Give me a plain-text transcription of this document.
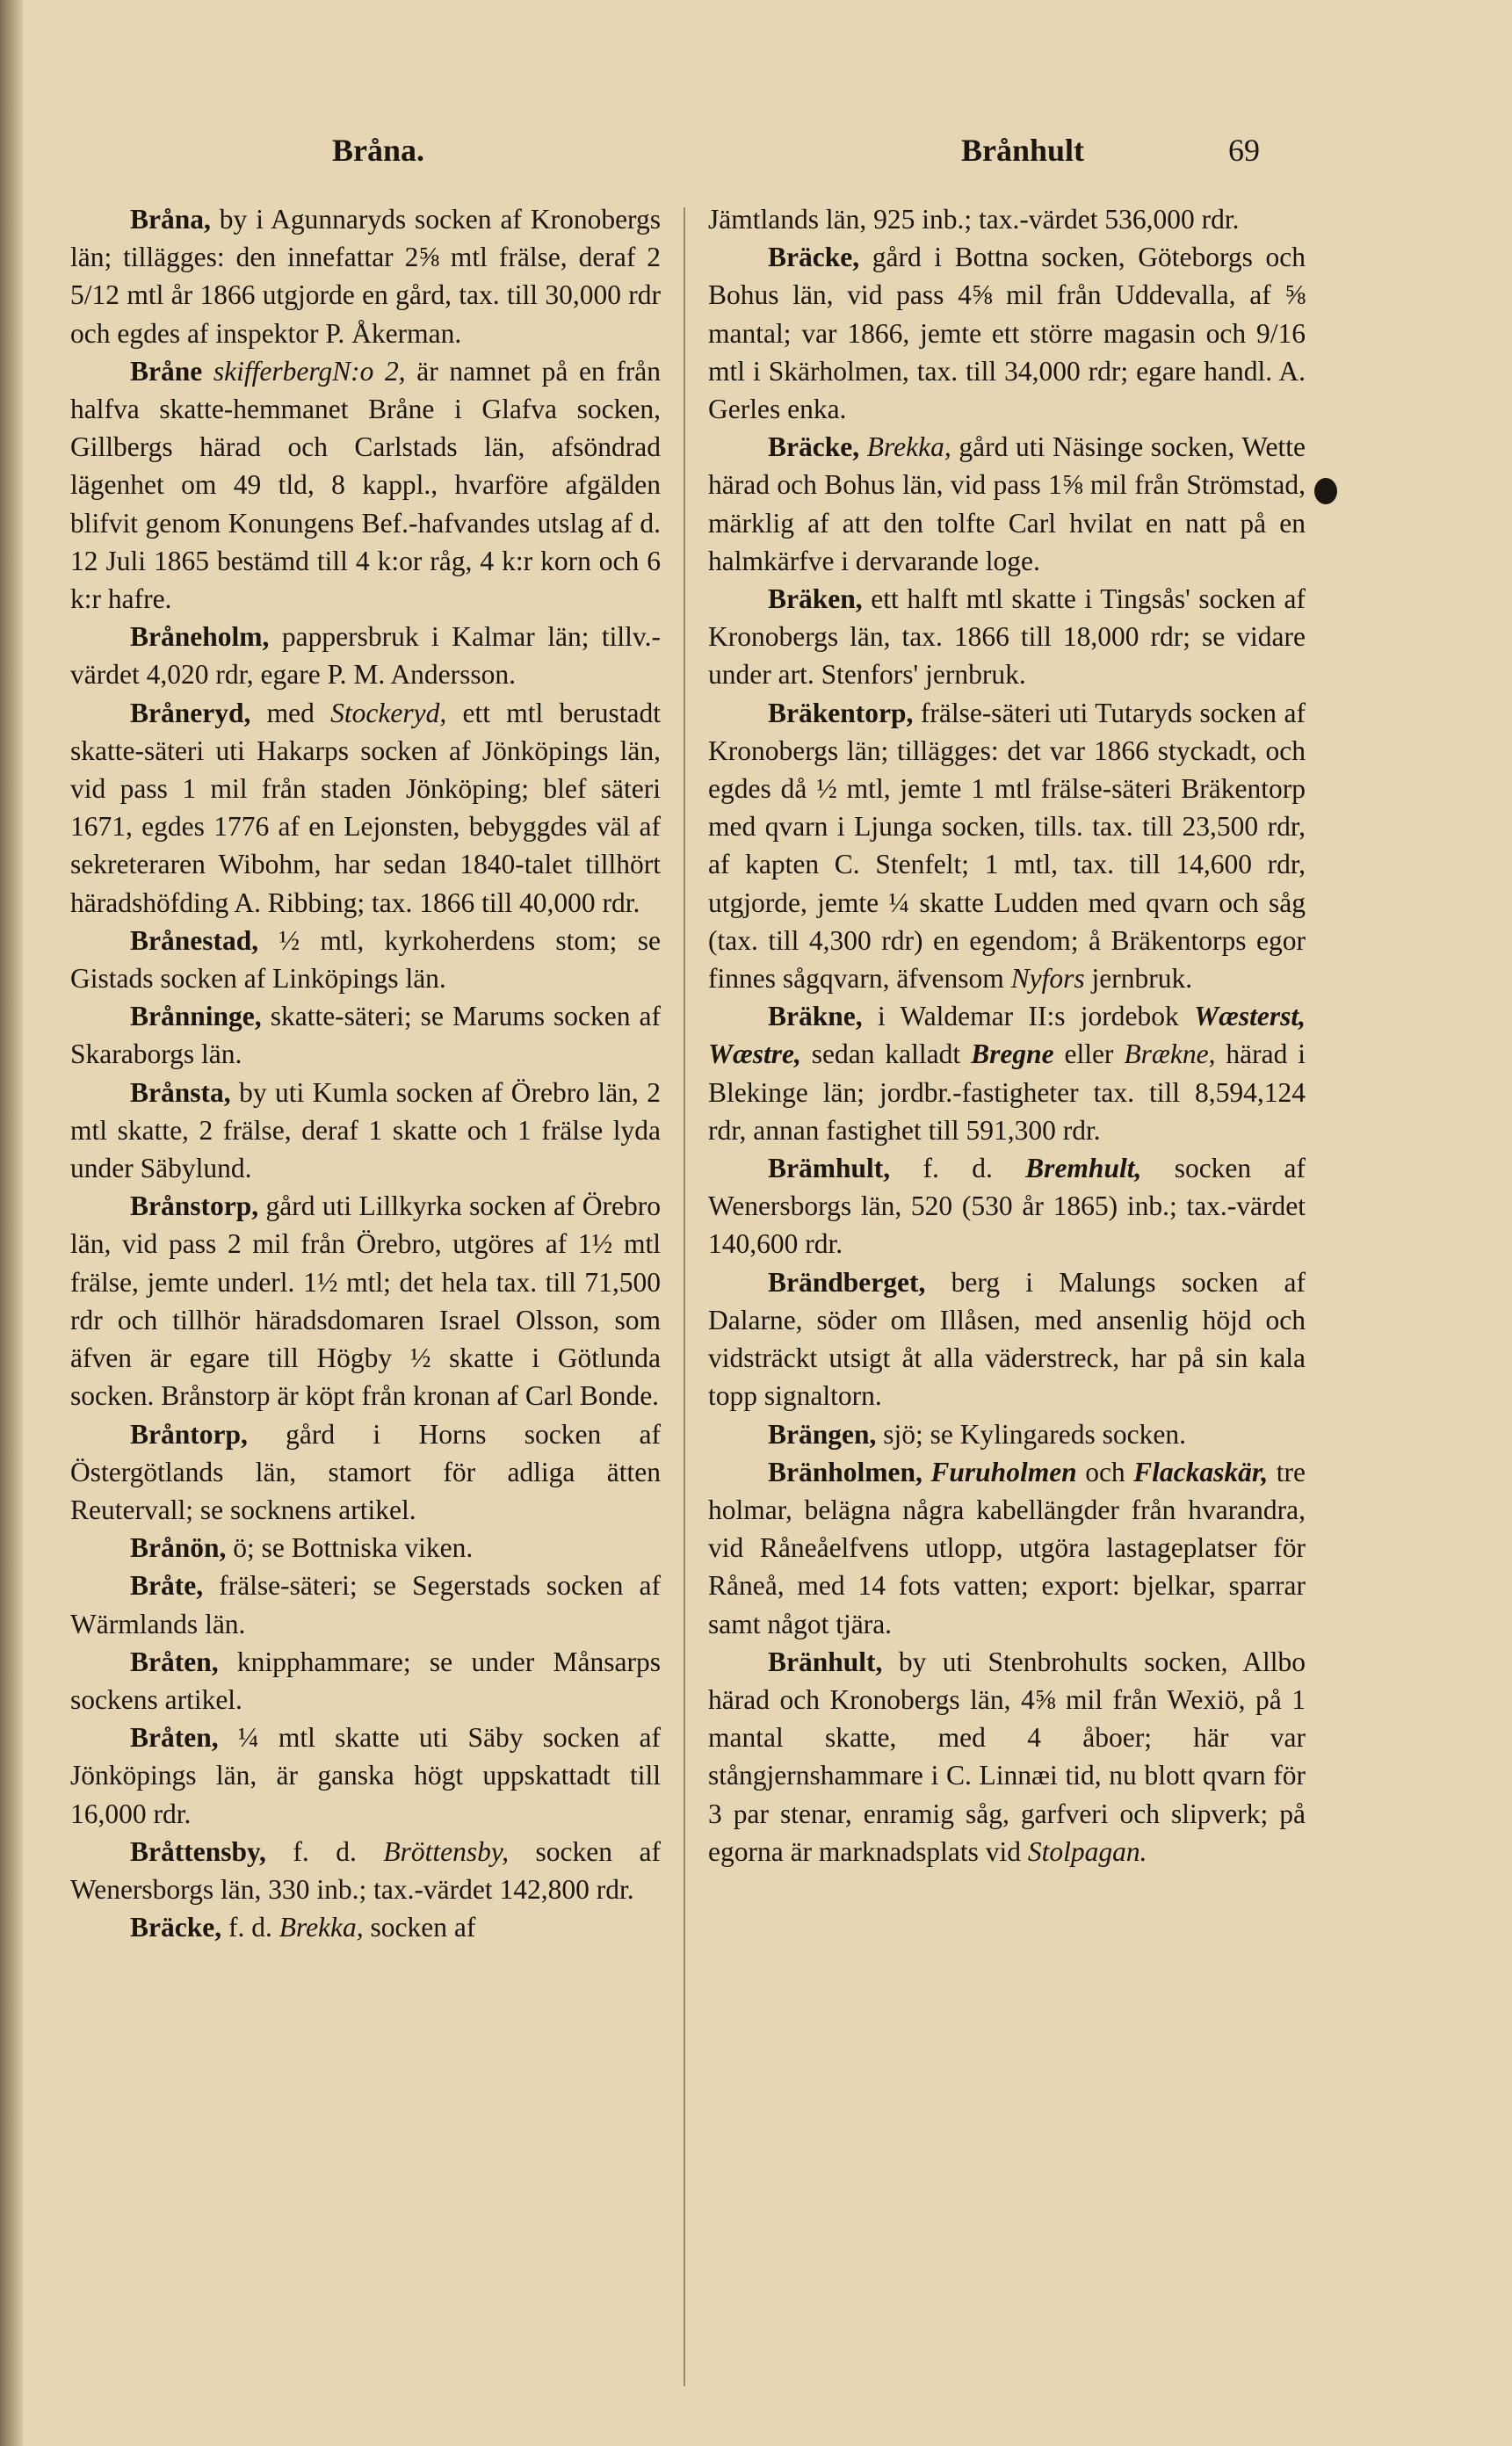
Bråna.	Brånhult	69

Bråna, by i Agunnaryds socken af Kronobergs län; tillägges: den innefattar 2⅝ mtl frälse, deraf 2 5/12 mtl år 1866 utgjorde en gård, tax. till 30,000 rdr och egdes af inspektor P. Åkerman.

Bråne skifferbergN:o 2, är namnet på en från halfva skatte-hemmanet Bråne i Glafva socken, Gillbergs härad och Carlstads län, afsöndrad lägenhet om 49 tld, 8 kappl., hvarföre afgälden blifvit genom Konungens Bef.-hafvandes utslag af d. 12 Juli 1865 bestämd till 4 k:or råg, 4 k:r korn och 6 k:r hafre.

Bråneholm, pappersbruk i Kalmar län; tillv.-värdet 4,020 rdr, egare P. M. Andersson.

Bråneryd, med Stockeryd, ett mtl berustadt skatte-säteri uti Hakarps socken af Jönköpings län, vid pass 1 mil från staden Jönköping; blef säteri 1671, egdes 1776 af en Lejonsten, bebyggdes väl af sekreteraren Wibohm, har sedan 1840-talet tillhört häradshöfding A. Ribbing; tax. 1866 till 40,000 rdr.

Brånestad, ½ mtl, kyrkoherdens stom; se Gistads socken af Linköpings län.

Brånninge, skatte-säteri; se Marums socken af Skaraborgs län.

Brånsta, by uti Kumla socken af Örebro län, 2 mtl skatte, 2 frälse, deraf 1 skatte och 1 frälse lyda under Säbylund.

Brånstorp, gård uti Lillkyrka socken af Örebro län, vid pass 2 mil från Örebro, utgöres af 1½ mtl frälse, jemte underl. 1½ mtl; det hela tax. till 71,500 rdr och tillhör häradsdomaren Israel Olsson, som äfven är egare till Högby ½ skatte i Götlunda socken. Brånstorp är köpt från kronan af Carl Bonde.

Bråntorp, gård i Horns socken af Östergötlands län, stamort för adliga ätten Reutervall; se socknens artikel.

Brånön, ö; se Bottniska viken.

Bråte, frälse-säteri; se Segerstads socken af Wärmlands län.

Bråten, knipphammare; se under Månsarps sockens artikel.

Bråten, ¼ mtl skatte uti Säby socken af Jönköpings län, är ganska högt uppskattadt till 16,000 rdr.

Bråttensby, f. d. Bröttensby, socken af Wenersborgs län, 330 inb.; tax.-värdet 142,800 rdr.

Bräcke, f. d. Brekka, socken af

Jämtlands län, 925 inb.; tax.-värdet 536,000 rdr.

Bräcke, gård i Bottna socken, Göteborgs och Bohus län, vid pass 4⅝ mil från Uddevalla, af ⅝ mantal; var 1866, jemte ett större magasin och 9/16 mtl i Skärholmen, tax. till 34,000 rdr; egare handl. A. Gerles enka.

Bräcke, Brekka, gård uti Näsinge socken, Wette härad och Bohus län, vid pass 1⅝ mil från Strömstad, märklig af att den tolfte Carl hvilat en natt på en halmkärfve i dervarande loge.

Bräken, ett halft mtl skatte i Tingsås' socken af Kronobergs län, tax. 1866 till 18,000 rdr; se vidare under art. Stenfors' jernbruk.

Bräkentorp, frälse-säteri uti Tutaryds socken af Kronobergs län; tillägges: det var 1866 styckadt, och egdes då ½ mtl, jemte 1 mtl frälse-säteri Bräkentorp med qvarn i Ljunga socken, tills. tax. till 23,500 rdr, af kapten C. Stenfelt; 1 mtl, tax. till 14,600 rdr, utgjorde, jemte ¼ skatte Ludden med qvarn och såg (tax. till 4,300 rdr) en egendom; å Bräkentorps egor finnes sågqvarn, äfvensom Nyfors jernbruk.

Bräkne, i Waldemar II:s jordebok Wæsterst, Wæstre, sedan kalladt Bregne eller Brækne, härad i Blekinge län; jordbr.-fastigheter tax. till 8,594,124 rdr, annan fastighet till 591,300 rdr.

Brämhult, f. d. Bremhult, socken af Wenersborgs län, 520 (530 år 1865) inb.; tax.-värdet 140,600 rdr.

Brändberget, berg i Malungs socken af Dalarne, söder om Illåsen, med ansenlig höjd och vidsträckt utsigt åt alla väderstreck, har på sin kala topp signaltorn.

Brängen, sjö; se Kylingareds socken.

Bränholmen, Furuholmen och Flackaskär, tre holmar, belägna några kabellängder från hvarandra, vid Råneåelfvens utlopp, utgöra lastageplatser för Råneå, med 14 fots vatten; export: bjelkar, sparrar samt något tjära.

Bränhult, by uti Stenbrohults socken, Allbo härad och Kronobergs län, 4⅝ mil från Wexiö, på 1 mantal skatte, med 4 åboer; här var stångjernshammare i C. Linnæi tid, nu blott qvarn för 3 par stenar, enramig såg, garfveri och slipverk; på egorna är marknadsplats vid Stolpagan.
